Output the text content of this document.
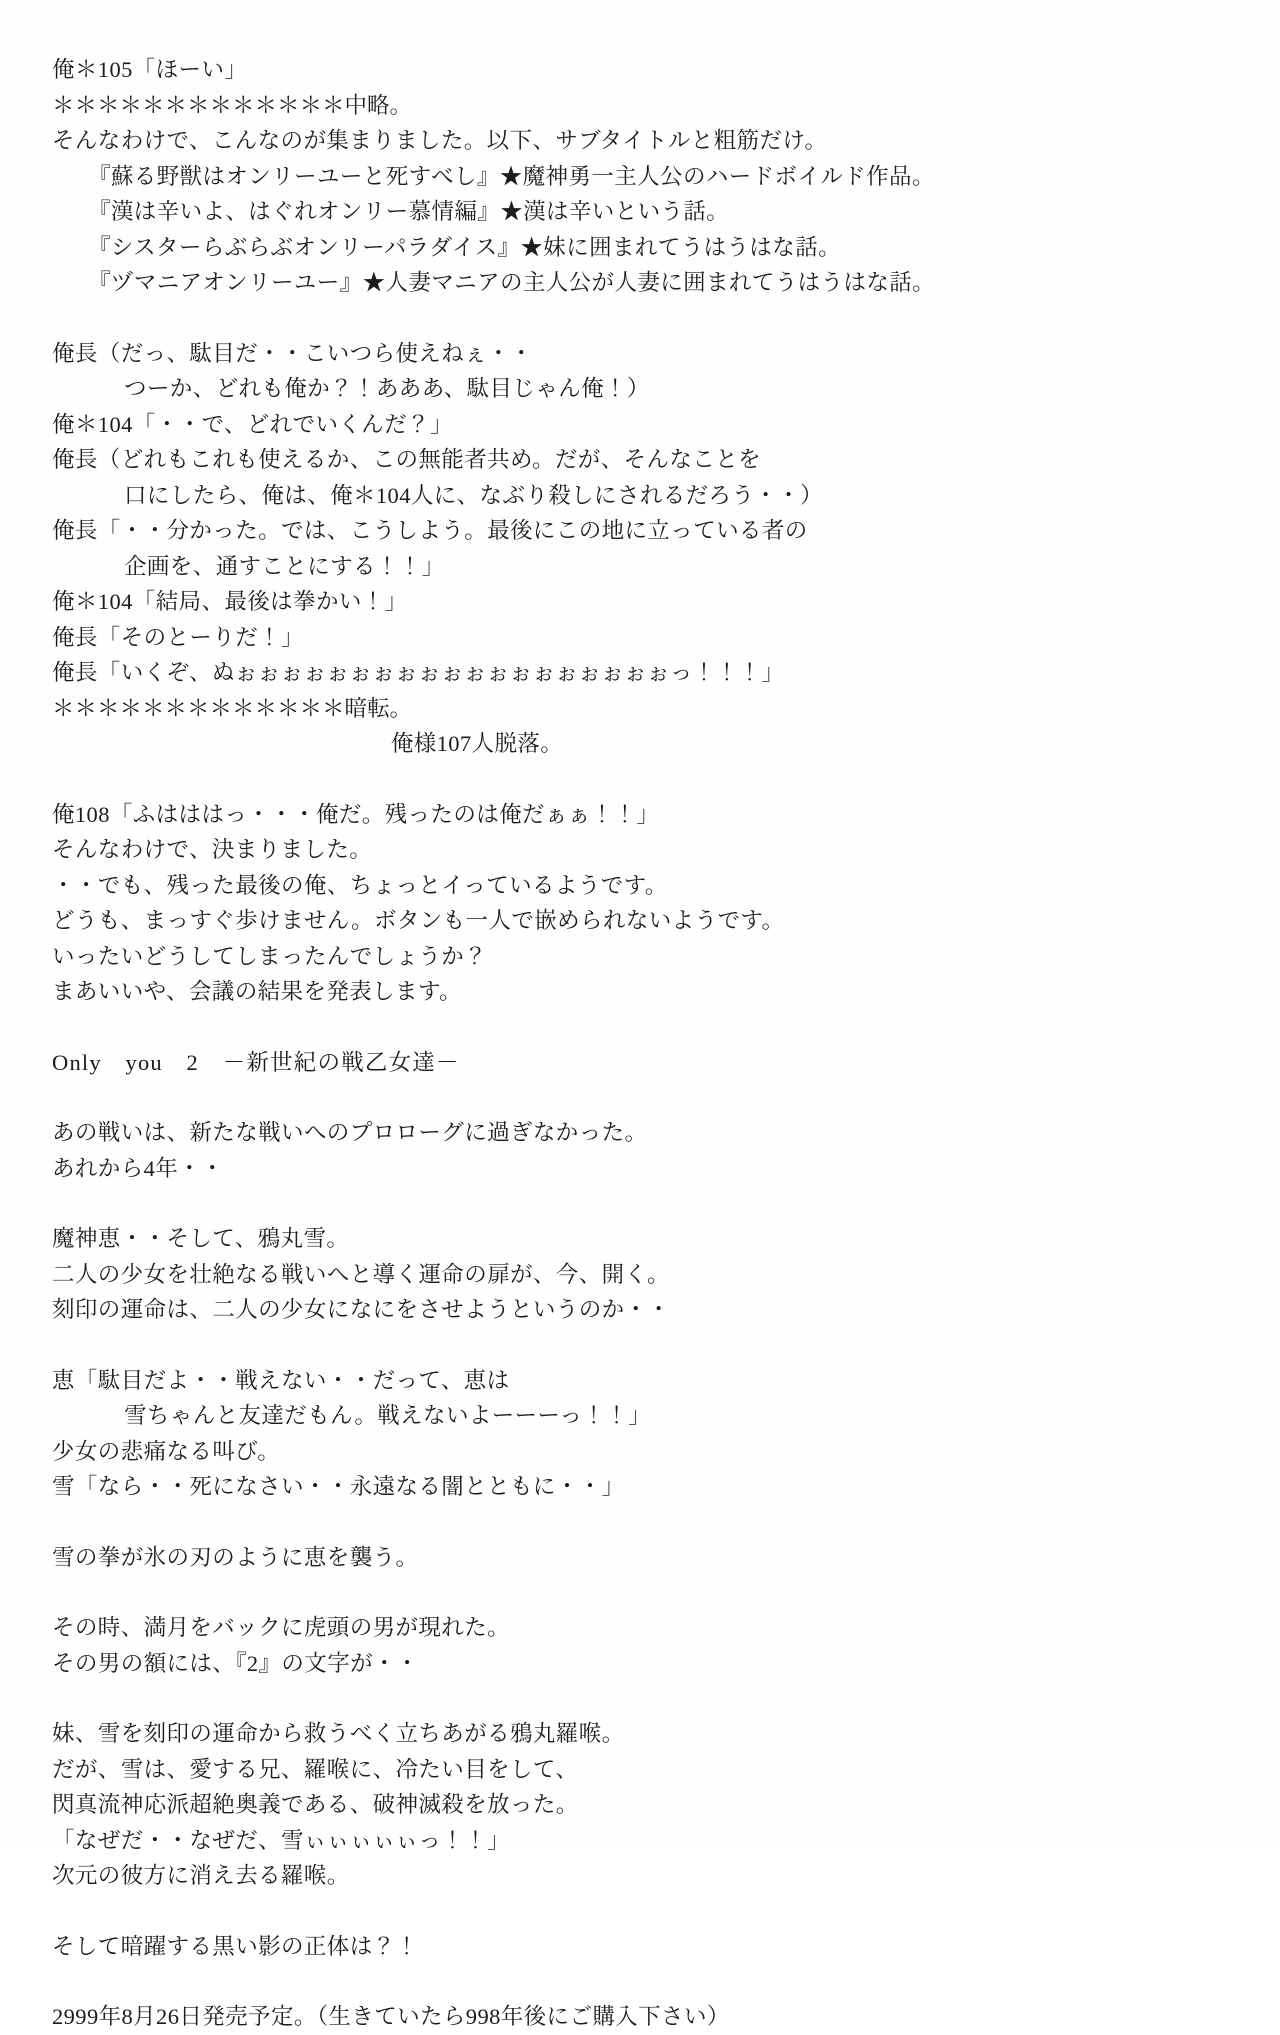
俺＊105「ほーい」
＊＊＊＊＊＊＊＊＊＊＊＊＊中略。
そんなわけで、こんなのが集まりました。以下、サブタイトルと粗筋だけ。
『蘇る野獣はオンリーユーと死すべし』★魔神勇一主人公のハードボイルド作品。
『漢は辛いよ、はぐれオンリー慕情編』★漢は辛いという話。
『シスターらぶらぶオンリーパラダイス』★妹に囲まれてうはうはな話。
『ヅマニアオンリーユー』★人妻マニアの主人公が人妻に囲まれてうはうはな話。
俺長（だっ、駄目だ・・こいつら使えねぇ・・
つーか、どれも俺か？！あああ、駄目じゃん俺！）
俺＊104「・・で、どれでいくんだ？」
俺長（どれもこれも使えるか、この無能者共め。だが、そんなことを
口にしたら、俺は、俺＊104人に、なぶり殺しにされるだろう・・）
俺長「・・分かった。では、こうしよう。最後にこの地に立っている者の
企画を、通すことにする！！」
俺＊104「結局、最後は拳かい！」
俺長「そのとーりだ！」
俺長「いくぞ、ぬぉぉぉぉぉぉぉぉぉぉぉぉぉぉぉぉぉぉぉっ！！！」
＊＊＊＊＊＊＊＊＊＊＊＊＊暗転。
俺様107人脱落。
俺108「ふはははっ・・・俺だ。残ったのは俺だぁぁ！！」
そんなわけで、決まりました。
・・でも、残った最後の俺、ちょっとイっているようです。
どうも、まっすぐ歩けません。ボタンも一人で嵌められないようです。
いったいどうしてしまったんでしょうか？
まあいいや、会議の結果を発表します。
Only　you　2　－新世紀の戦乙女達－
あの戦いは、新たな戦いへのプロローグに過ぎなかった。
あれから4年・・
魔神恵・・そして、鴉丸雪。
二人の少女を壮絶なる戦いへと導く運命の扉が、今、開く。
刻印の運命は、二人の少女になにをさせようというのか・・
恵「駄目だよ・・戦えない・・だって、恵は
雪ちゃんと友達だもん。戦えないよーーーっ！！」
少女の悲痛なる叫び。
雪「なら・・死になさい・・永遠なる闇とともに・・」
雪の拳が氷の刃のように恵を襲う。
その時、満月をバックに虎頭の男が現れた。
その男の額には、『2』の文字が・・
妹、雪を刻印の運命から救うべく立ちあがる鴉丸羅喉。
だが、雪は、愛する兄、羅喉に、冷たい目をして、
閃真流神応派超絶奥義である、破神滅殺を放った。
「なぜだ・・なぜだ、雪ぃぃぃぃぃっ！！」
次元の彼方に消え去る羅喉。
そして暗躍する黒い影の正体は？！
2999年8月26日発売予定。（生きていたら998年後にご購入下さい）
